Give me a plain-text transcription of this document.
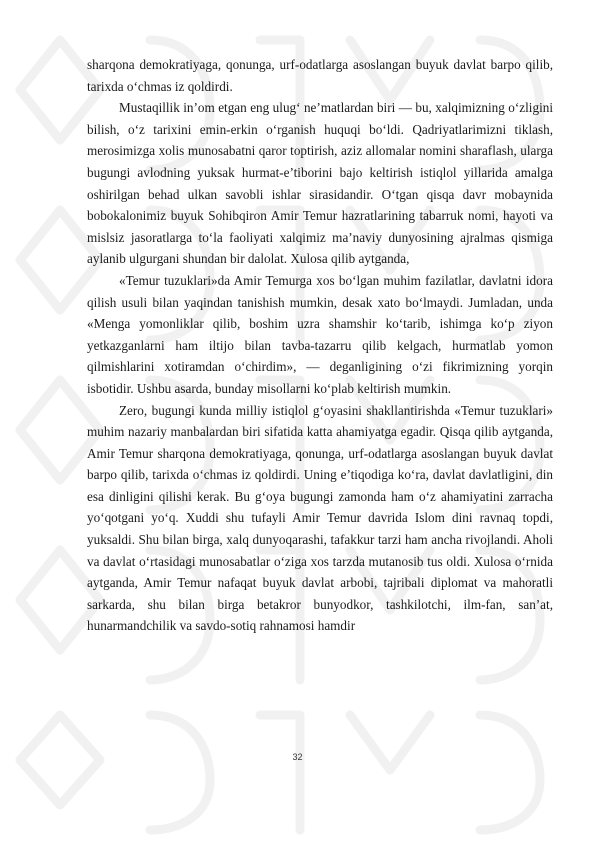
sharqona demokratiyaga, qonunga, urf-odatlarga asoslangan buyuk davlat barpo qilib, tarixda o‘chmas iz qoldirdi.

Mustaqillik in’om etgan eng ulug‘ ne’matlardan biri — bu, xalqimizning o‘zligini bilish, o‘z tarixini emin-erkin o‘rganish huquqi bo‘ldi. Qadriyatlarimizni tiklash, merosimizga xolis munosabatni qaror toptirish, aziz allomalar nomini sharaflash, ularga bugungi avlodning yuksak hurmat-e’tiborini bajo keltirish istiqlol yillarida amalga oshirilgan behad ulkan savobli ishlar sirasidandir. O‘tgan qisqa davr mobaynida bobokalonimiz buyuk Sohibqiron Amir Temur hazratlarining tabarruk nomi, hayoti va mislsiz jasoratlarga to‘la faoliyati xalqimiz ma’naviy dunyosining ajralmas qismiga aylanib ulgurgani shundan bir dalolat. Xulosa qilib aytganda,

«Temur tuzuklari»da Amir Temurga xos bo‘lgan muhim fazilatlar, davlatni idora qilish usuli bilan yaqindan tanishish mumkin, desak xato bo‘lmaydi. Jumladan, unda «Menga yomonliklar qilib, boshim uzra shamshir ko‘tarib, ishimga ko‘p ziyon yetkazganlarni ham iltijo bilan tavba-tazarru qilib kelgach, hurmatlab yomon qilmishlarini xotiramdan o‘chirdim», — deganligining o‘zi fikrimizning yorqin isbotidir. Ushbu asarda, bunday misollarni ko‘plab keltirish mumkin.

Zero, bugungi kunda milliy istiqlol g‘oyasini shakllantirishda «Temur tuzuklari» muhim nazariy manbalardan biri sifatida katta ahamiyatga egadir. Qisqa qilib aytganda, Amir Temur sharqona demokratiyaga, qonunga, urf-odatlarga asoslangan buyuk davlat barpo qilib, tarixda o‘chmas iz qoldirdi. Uning e’tiqodiga ko‘ra, davlat davlatligini, din esa dinligini qilishi kerak. Bu g‘oya bugungi zamonda ham o‘z ahamiyatini zarracha yo‘qotgani yo‘q. Xuddi shu tufayli Amir Temur davrida Islom dini ravnaq topdi, yuksaldi. Shu bilan birga, xalq dunyoqarashi, tafakkur tarzi ham ancha rivojlandi. Aholi va davlat o‘rtasidagi munosabatlar o‘ziga xos tarzda mutanosib tus oldi. Xulosa o‘rnida aytganda, Amir Temur nafaqat buyuk davlat arbobi, tajribali diplomat va mahoratli sarkarda, shu bilan birga betakror bunyodkor, tashkilotchi, ilm-fan, san’at, hunarmandchilik va savdo-sotiq rahnamosi hamdir

32
